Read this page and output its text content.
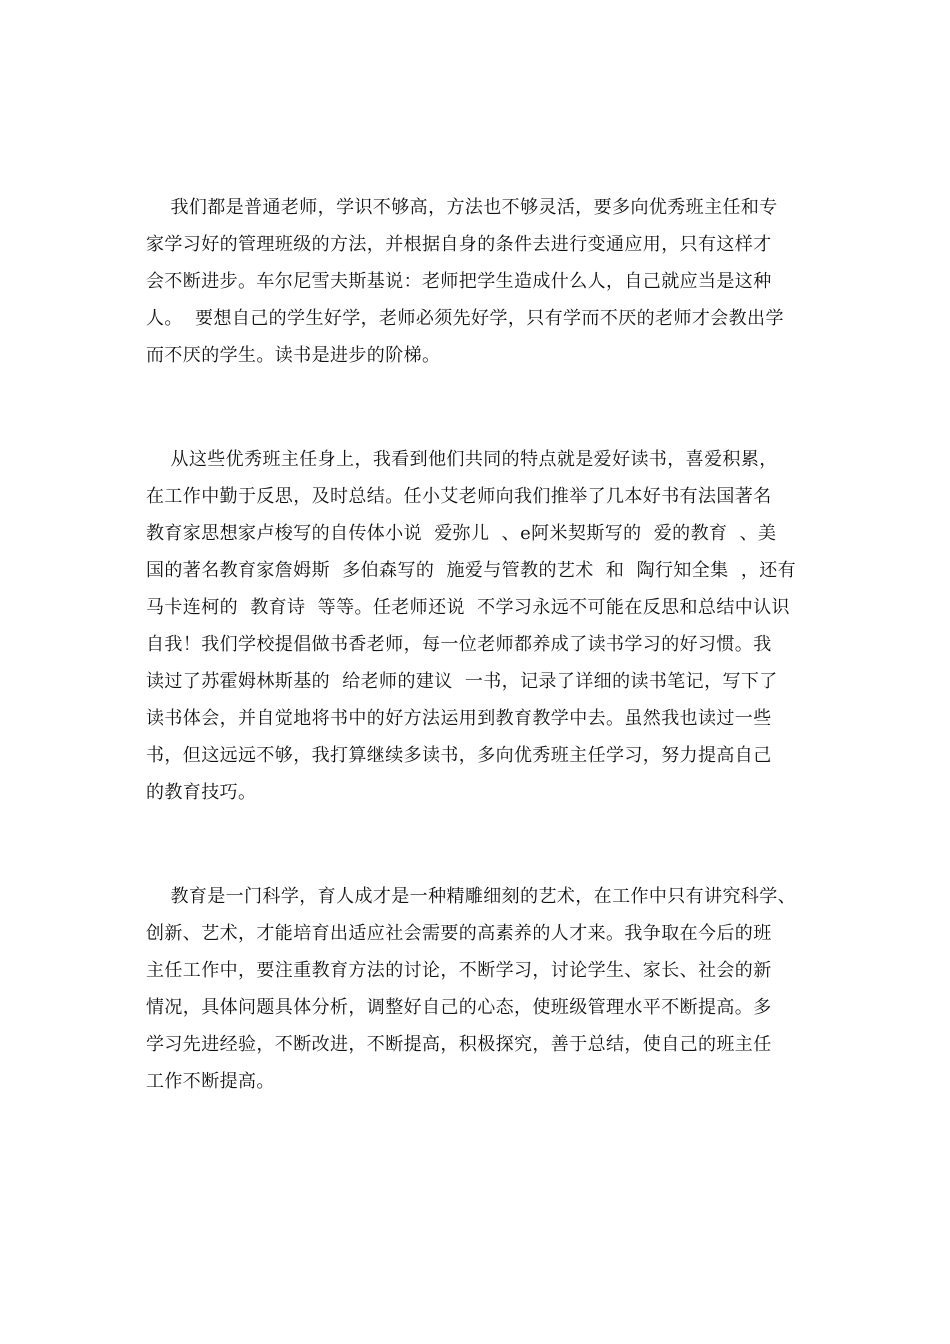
我们都是普通老师，学识不够高，方法也不够灵活，要多向优秀班主任和专
家学习好的管理班级的方法，并根据自身的条件去进行变通应用，只有这样才
会不断进步。车尔尼雪夫斯基说：老师把学生造成什么人，自己就应当是这种
人。  要想自己的学生好学，老师必须先好学，只有学而不厌的老师才会教出学
而不厌的学生。读书是进步的阶梯。
从这些优秀班主任身上，我看到他们共同的特点就是爱好读书，喜爱积累，
在工作中勤于反思，及时总结。任小艾老师向我们推举了几本好书有法国著名
教育家思想家卢梭写的自传体小说  爱弥儿  、e阿米契斯写的  爱的教育  、美
国的著名教育家詹姆斯  多伯森写的  施爱与管教的艺术  和  陶行知全集  ，还有
马卡连柯的  教育诗  等等。任老师还说  不学习永远不可能在反思和总结中认识
自我！我们学校提倡做书香老师，每一位老师都养成了读书学习的好习惯。我
读过了苏霍姆林斯基的  给老师的建议  一书，记录了详细的读书笔记，写下了
读书体会，并自觉地将书中的好方法运用到教育教学中去。虽然我也读过一些
书，但这远远不够，我打算继续多读书，多向优秀班主任学习，努力提高自己
的教育技巧。
教育是一门科学，育人成才是一种精雕细刻的艺术，在工作中只有讲究科学、
创新、艺术，才能培育出适应社会需要的高素养的人才来。我争取在今后的班
主任工作中，要注重教育方法的讨论，不断学习，讨论学生、家长、社会的新
情况，具体问题具体分析，调整好自己的心态，使班级管理水平不断提高。多
学习先进经验，不断改进，不断提高，积极探究，善于总结，使自己的班主任
工作不断提高。
